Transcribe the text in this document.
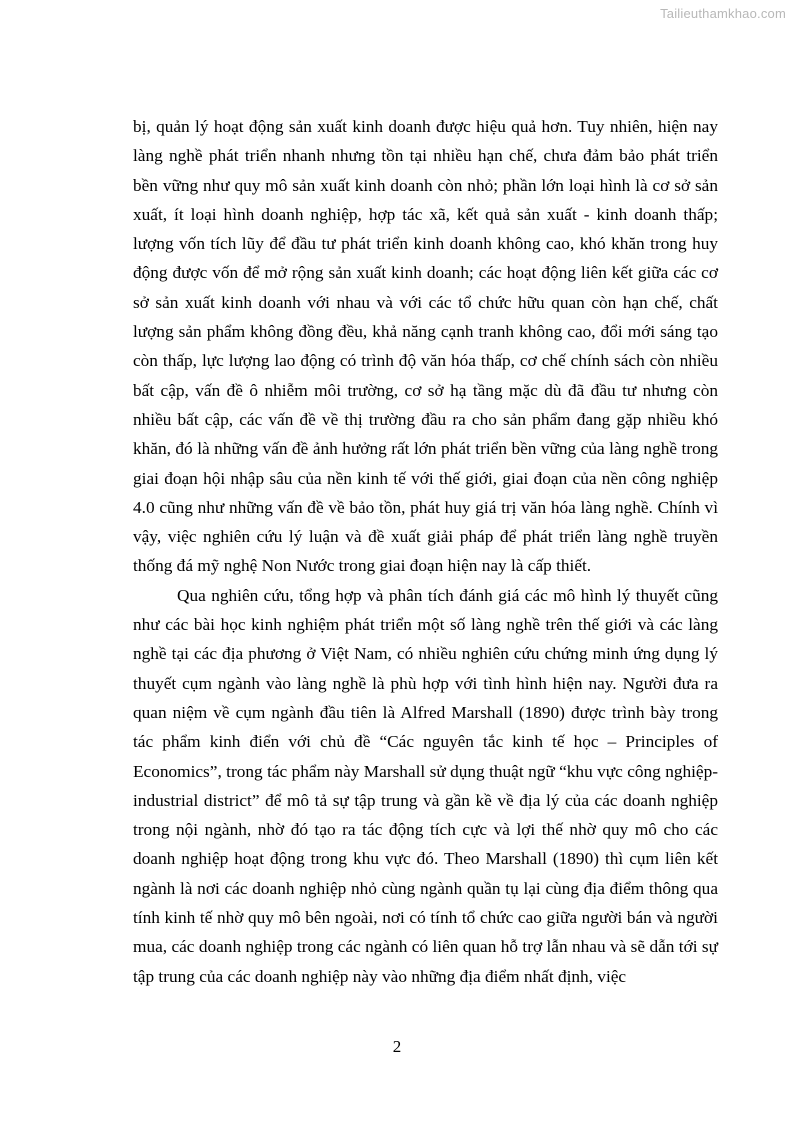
Tailieuthamkhao.com

bị, quản lý hoạt động sản xuất kinh doanh được hiệu quả hơn. Tuy nhiên, hiện nay làng nghề phát triển nhanh nhưng tồn tại nhiều hạn chế, chưa đảm bảo phát triển bền vững như quy mô sản xuất kinh doanh còn nhỏ; phần lớn loại hình là cơ sở sản xuất, ít loại hình doanh nghiệp, hợp tác xã, kết quả sản xuất - kinh doanh thấp; lượng vốn tích lũy để đầu tư phát triển kinh doanh không cao, khó khăn trong huy động được vốn để mở rộng sản xuất kinh doanh; các hoạt động liên kết giữa các cơ sở sản xuất kinh doanh với nhau và với các tổ chức hữu quan còn hạn chế, chất lượng sản phẩm không đồng đều, khả năng cạnh tranh không cao, đổi mới sáng tạo còn thấp, lực lượng lao động có trình độ văn hóa thấp, cơ chế chính sách còn nhiều bất cập, vấn đề ô nhiễm môi trường, cơ sở hạ tầng mặc dù đã đầu tư nhưng còn nhiều bất cập, các vấn đề về thị trường đầu ra cho sản phẩm đang gặp nhiều khó khăn, đó là những vấn đề ảnh hưởng rất lớn phát triển bền vững của làng nghề trong giai đoạn hội nhập sâu của nền kinh tế với thế giới, giai đoạn của nền công nghiệp 4.0 cũng như những vấn đề về bảo tồn, phát huy giá trị văn hóa làng nghề. Chính vì vậy, việc nghiên cứu lý luận và đề xuất giải pháp để phát triển làng nghề truyền thống đá mỹ nghệ Non Nước trong giai đoạn hiện nay là cấp thiết.

Qua nghiên cứu, tổng hợp và phân tích đánh giá các mô hình lý thuyết cũng như các bài học kinh nghiệm phát triển một số làng nghề trên thế giới và các làng nghề tại các địa phương ở Việt Nam, có nhiều nghiên cứu chứng minh ứng dụng lý thuyết cụm ngành vào làng nghề là phù hợp với tình hình hiện nay. Người đưa ra quan niệm về cụm ngành đầu tiên là Alfred Marshall (1890) được trình bày trong tác phẩm kinh điển với chủ đề “Các nguyên tắc kinh tế học – Principles of Economics”, trong tác phẩm này Marshall sử dụng thuật ngữ “khu vực công nghiệp- industrial district” để mô tả sự tập trung và gần kề về địa lý của các doanh nghiệp trong nội ngành, nhờ đó tạo ra tác động tích cực và lợi thế nhờ quy mô cho các doanh nghiệp hoạt động trong khu vực đó. Theo Marshall (1890) thì cụm liên kết ngành là nơi các doanh nghiệp nhỏ cùng ngành quần tụ lại cùng địa điểm thông qua tính kinh tế nhờ quy mô bên ngoài, nơi có tính tổ chức cao giữa người bán và người mua, các doanh nghiệp trong các ngành có liên quan hỗ trợ lẫn nhau và sẽ dẫn tới sự tập trung của các doanh nghiệp này vào những địa điểm nhất định, việc

2
